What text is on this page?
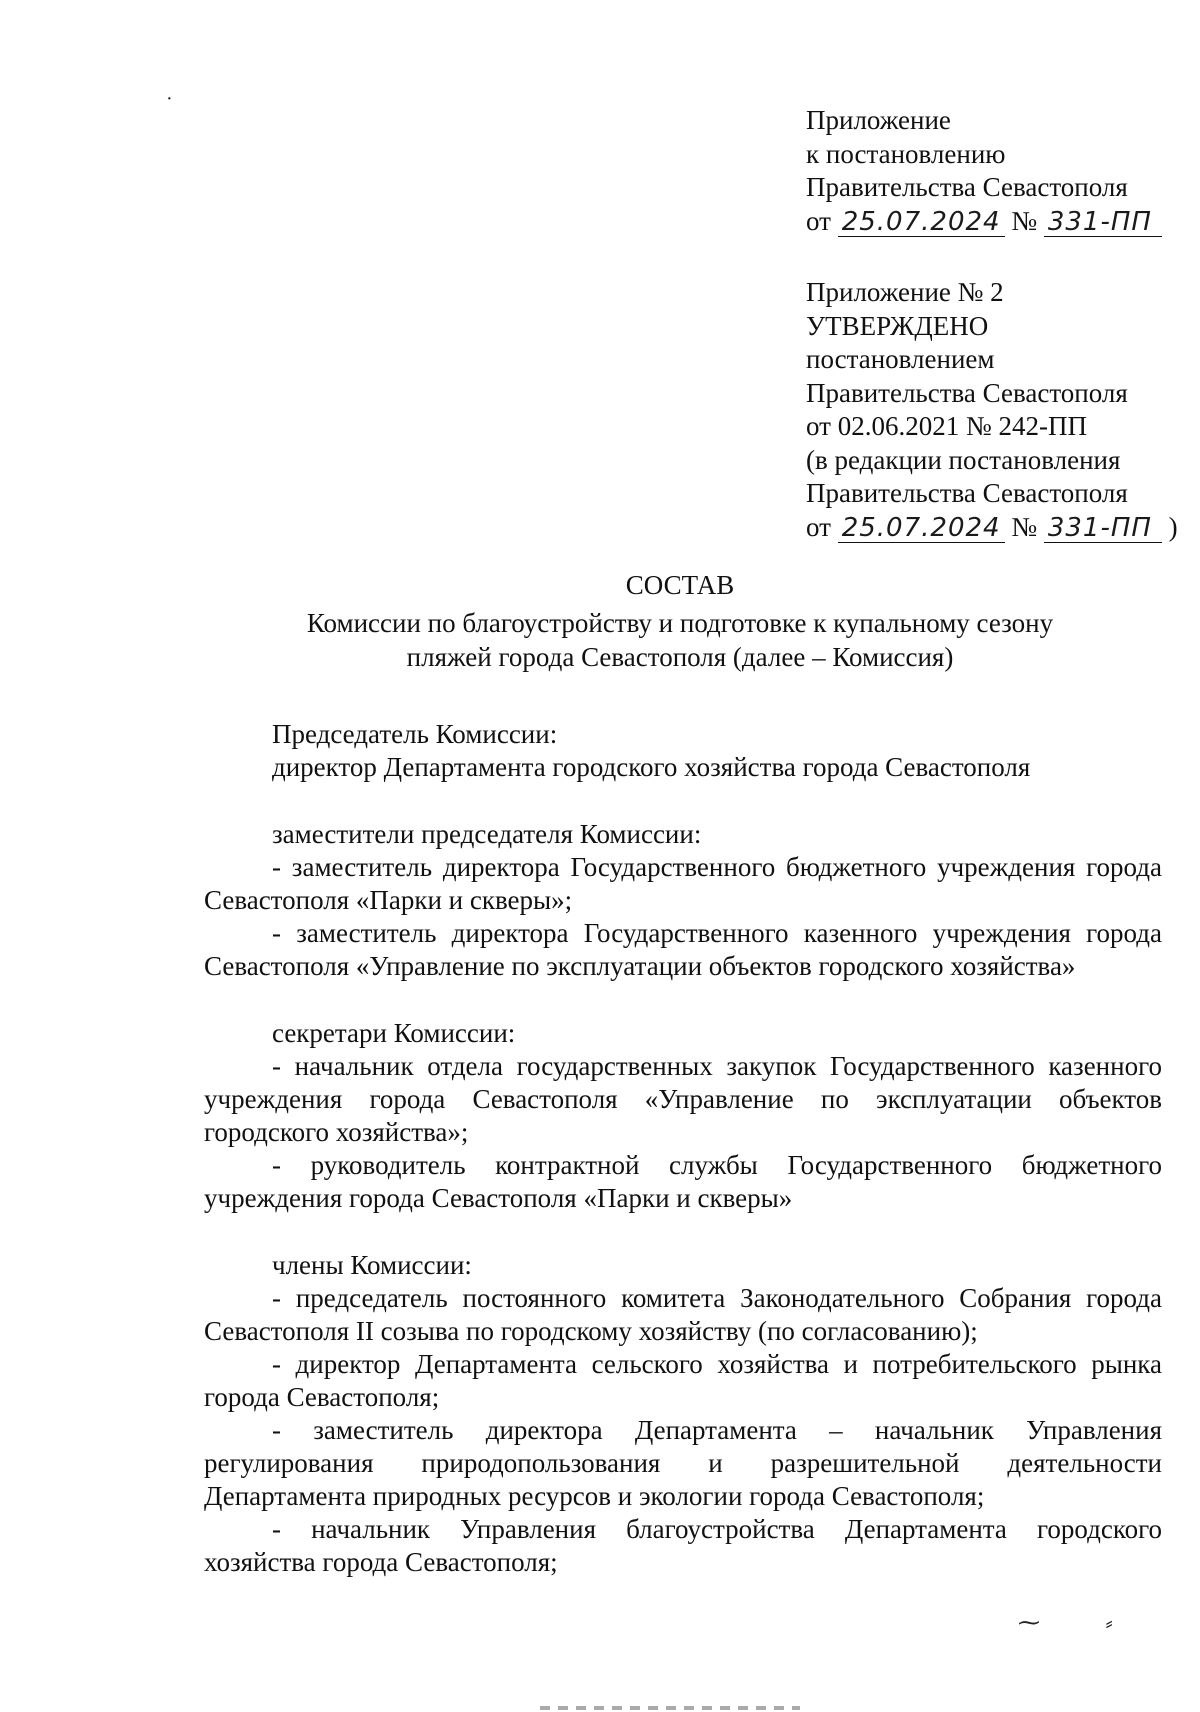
·
Приложение
к постановлению
Правительства Севастополя
от 25.07.2024 № 331-ПП
Приложение № 2
УТВЕРЖДЕНО
постановлением
Правительства Севастополя
от 02.06.2021 № 242-ПП
(в редакции постановления
Правительства Севастополя
от 25.07.2024 № 331-ПП )
СОСТАВ
Комиссии по благоустройству и подготовке к купальному сезону
пляжей города Севастополя (далее – Комиссия)
Председатель Комиссии:
директор Департамента городского хозяйства города Севастополя
заместители председателя Комиссии:
- заместитель директора Государственного бюджетного учреждения города Севастополя «Парки и скверы»;
- заместитель директора Государственного казенного учреждения города Севастополя «Управление по эксплуатации объектов городского хозяйства»
секретари Комиссии:
- начальник отдела государственных закупок Государственного казенного учреждения города Севастополя «Управление по эксплуатации объектов городского хозяйства»;
- руководитель контрактной службы Государственного бюджетного учреждения города Севастополя «Парки и скверы»
члены Комиссии:
- председатель постоянного комитета Законодательного Собрания города Севастополя II созыва по городскому хозяйству (по согласованию);
- директор Департамента сельского хозяйства и потребительского рынка города Севастополя;
- заместитель директора Департамента – начальник Управления регулирования природопользования и разрешительной деятельности Департамента природных ресурсов и экологии города Севастополя;
- начальник Управления благоустройства Департамента городского хозяйства города Севастополя;
⁓ ⸗
